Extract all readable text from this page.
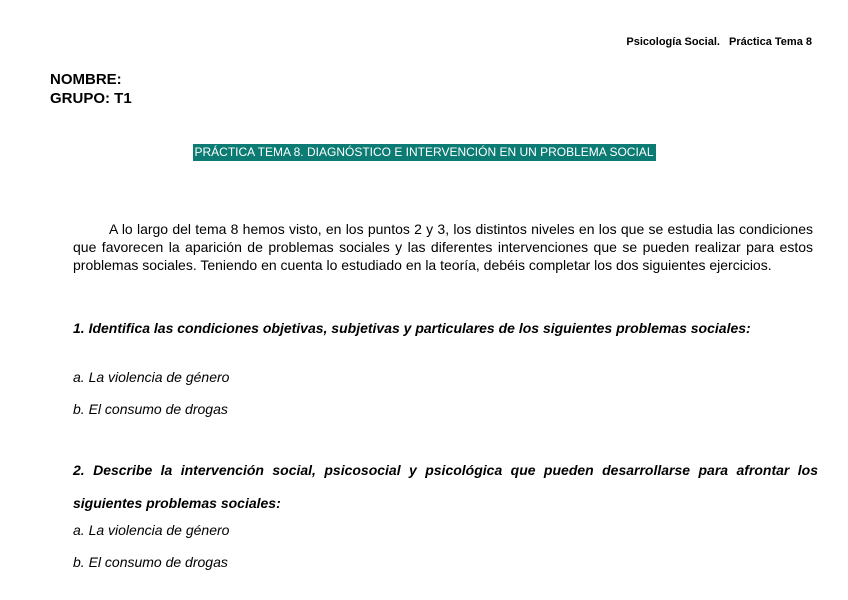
Psicología Social. Práctica Tema 8
NOMBRE:
GRUPO: T1
PRÁCTICA TEMA 8. DIAGNÓSTICO E INTERVENCIÓN EN UN PROBLEMA SOCIAL

A lo largo del tema 8 hemos visto, en los puntos 2 y 3, los distintos niveles en los que se estudia las condiciones que favorecen la aparición de problemas sociales y las diferentes intervenciones que se pueden realizar para estos problemas sociales. Teniendo en cuenta lo estudiado en la teoría, debéis completar los dos siguientes ejercicios.

1. Identifica las condiciones objetivas, subjetivas y particulares de los siguientes problemas sociales:

a. La violencia de género

b. El consumo de drogas

2. Describe la intervención social, psicosocial y psicológica que pueden desarrollarse para afrontar los siguientes problemas sociales:

a. La violencia de género

b. El consumo de drogas
